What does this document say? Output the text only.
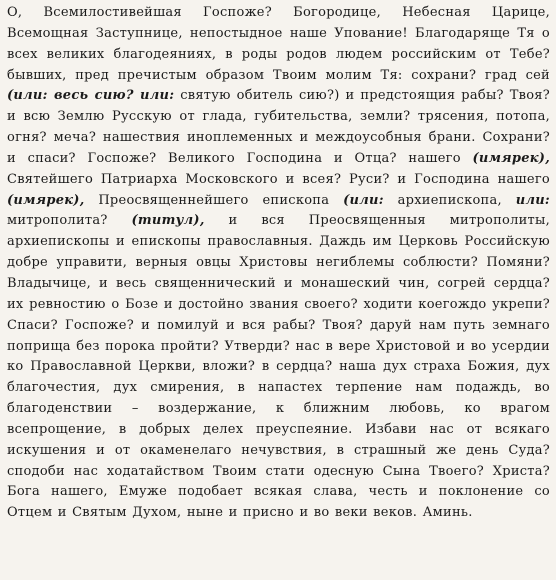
О, Всемилостивейшая Госпоже? Богородице, Небесная Царице, Всемощная Заступнице, непостыдное наше Упование! Благодаряще Тя о всех великих благодеяниях, в роды родов людем российским от Тебе? бывших, пред пречистым образом Твоим молим Тя: сохрани? град сей (или: весь сию? или: святую обитель сию?) и предстоящия рабы? Твоя? и всю Землю Русскую от глада, губительства, земли? трясения, потопа, огня? меча? нашествия иноплеменных и междоусобныя брани. Сохрани? и спаси? Госпоже? Великого Господина и Отца? нашего (имярек), Святейшего Патриарха Московского и всея? Руси? и Господина нашего (имярек), Преосвященнейшего епископа (или: архиепископа, или: митрополита? (титул), и вся Преосвященныя митрополиты, архиепископы и епископы православныя. Даждь им Церковь Российскую добре управити, верныя овцы Христовы негиблемы соблюсти? Помяни? Владычице, и весь священнический и монашеский чин, согрей сердца? их ревностию о Бозе и достойно звания своего? ходити коегождо укрепи? Спаси? Госпоже? и помилуй и вся рабы? Твоя? даруй нам путь земнаго поприща без порока пройти? Утверди? нас в вере Христовой и во усердии ко Православной Церкви, вложи? в сердца? наша дух страха Божия, дух благочестия, дух смирения, в напастех терпение нам подаждь, во благоденствии – воздержание, к ближним любовь, ко врагом всепрощение, в добрых делех преуспеяние. Избави нас от всякаго искушения и от окаменелаго нечувствия, в страшный же день Суда? сподоби нас ходатайством Твоим стати одесную Сына Твоего? Христа? Бога нашего, Емуже подобает всякая слава, честь и поклонение со Отцем и Святым Духом, ныне и присно и во веки веков. Аминь.
